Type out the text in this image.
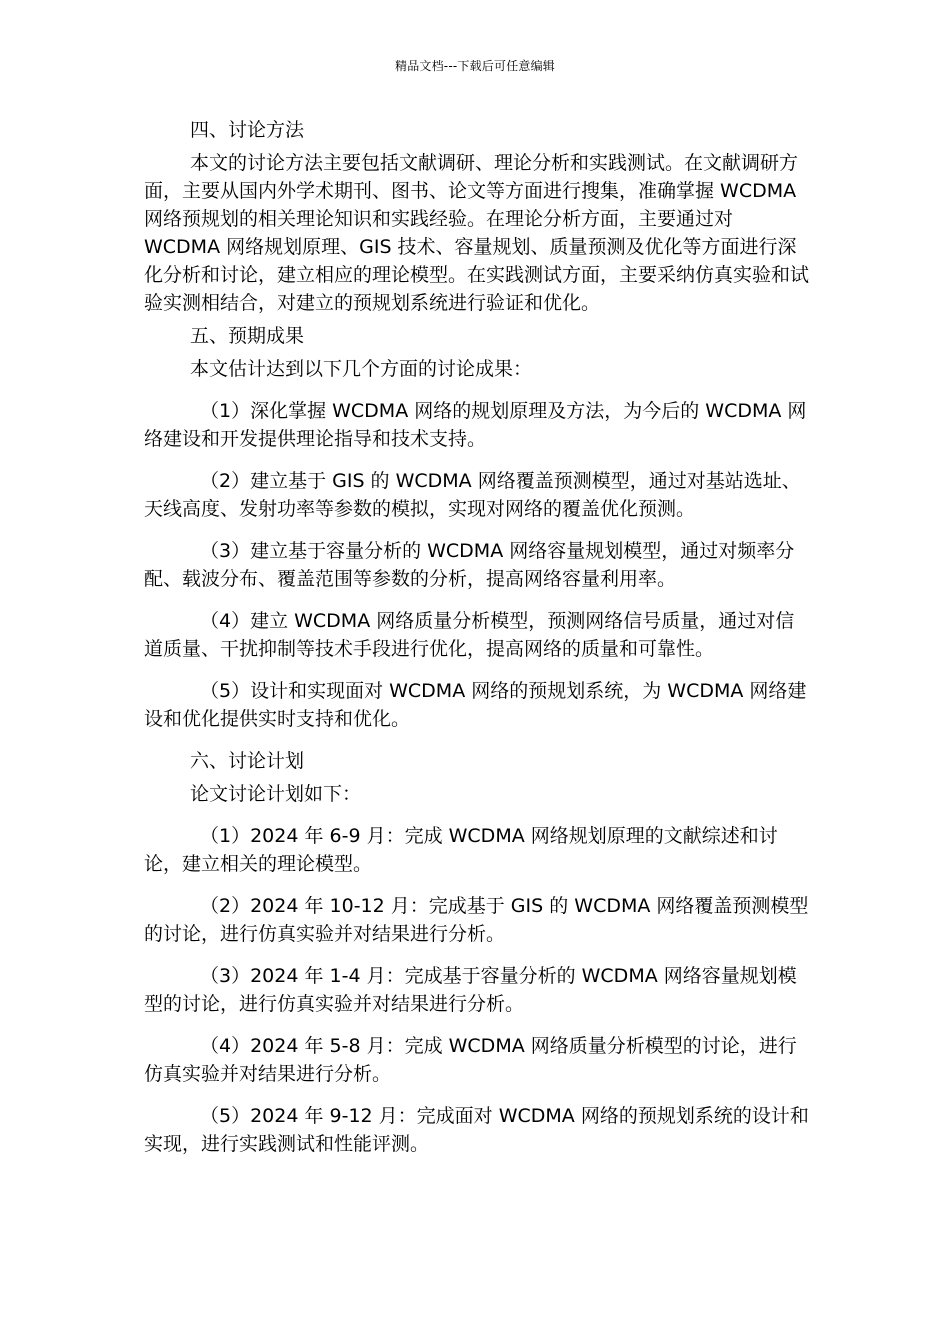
精品文档---下载后可任意编辑

四、讨论方法

本文的讨论方法主要包括文献调研、理论分析和实践测试。在文献调研方面，主要从国内外学术期刊、图书、论文等方面进行搜集，准确掌握 WCDMA 网络预规划的相关理论知识和实践经验。在理论分析方面，主要通过对 WCDMA 网络规划原理、GIS 技术、容量规划、质量预测及优化等方面进行深化分析和讨论，建立相应的理论模型。在实践测试方面，主要采纳仿真实验和试验实测相结合，对建立的预规划系统进行验证和优化。

五、预期成果

本文估计达到以下几个方面的讨论成果：

（1）深化掌握 WCDMA 网络的规划原理及方法，为今后的 WCDMA 网络建设和开发提供理论指导和技术支持。

（2）建立基于 GIS 的 WCDMA 网络覆盖预测模型，通过对基站选址、天线高度、发射功率等参数的模拟，实现对网络的覆盖优化预测。

（3）建立基于容量分析的 WCDMA 网络容量规划模型，通过对频率分配、载波分布、覆盖范围等参数的分析，提高网络容量利用率。

（4）建立 WCDMA 网络质量分析模型，预测网络信号质量，通过对信道质量、干扰抑制等技术手段进行优化，提高网络的质量和可靠性。

（5）设计和实现面对 WCDMA 网络的预规划系统，为 WCDMA 网络建设和优化提供实时支持和优化。

六、讨论计划

论文讨论计划如下：

（1）2024 年 6-9 月：完成 WCDMA 网络规划原理的文献综述和讨论，建立相关的理论模型。

（2）2024 年 10-12 月：完成基于 GIS 的 WCDMA 网络覆盖预测模型的讨论，进行仿真实验并对结果进行分析。

（3）2024 年 1-4 月：完成基于容量分析的 WCDMA 网络容量规划模型的讨论，进行仿真实验并对结果进行分析。

（4）2024 年 5-8 月：完成 WCDMA 网络质量分析模型的讨论，进行仿真实验并对结果进行分析。

（5）2024 年 9-12 月：完成面对 WCDMA 网络的预规划系统的设计和实现，进行实践测试和性能评测。
